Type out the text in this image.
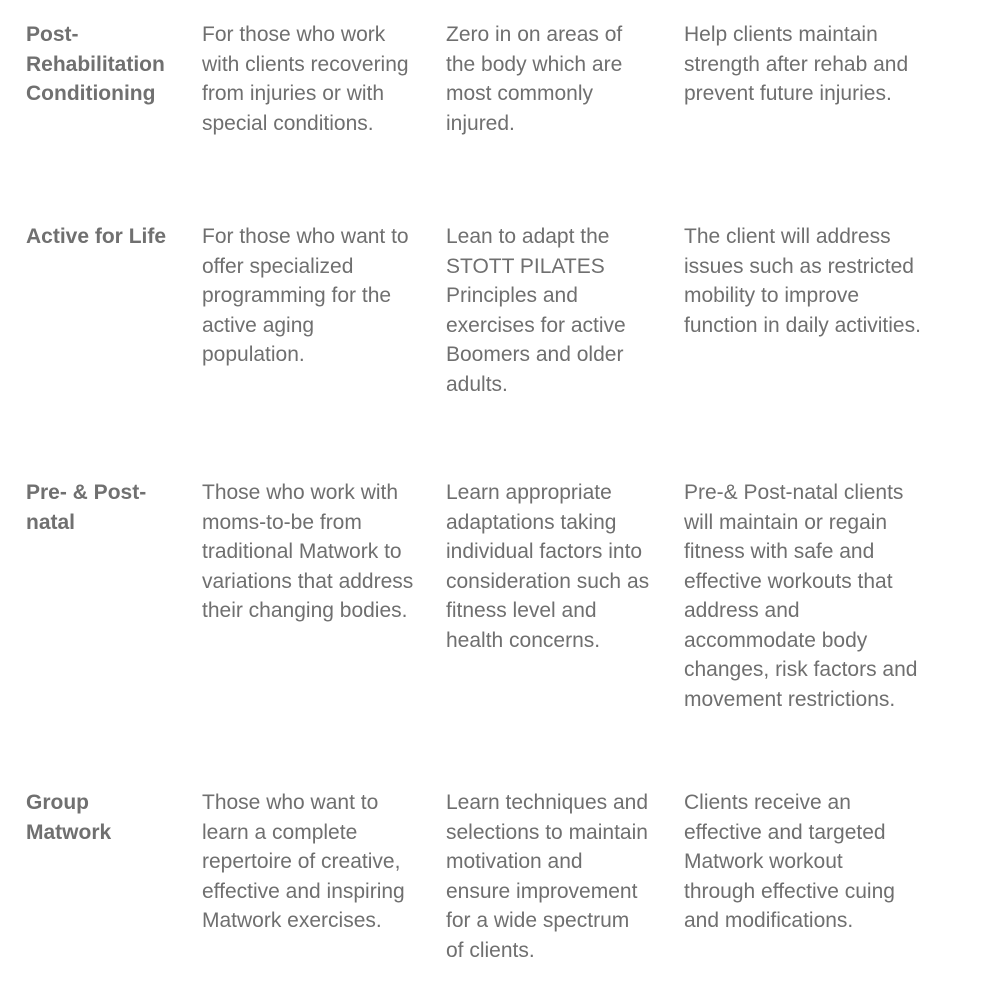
Post-
Rehabilitation
Conditioning

For those who work
with clients recovering
from injuries or with
special conditions.

Zero in on areas of
the body which are
most commonly
injured.

Help clients maintain
strength after rehab and
prevent future injuries.

Active for Life	For those who want to
offer specialized
programming for the
active aging
population.

Lean to adapt the
STOTT PILATES
Principles and
exercises for active
Boomers and older
adults.

The client will address
issues such as restricted
mobility to improve
function in daily activities.

Pre- & Post-
natal

Those who work with
moms-to-be from
traditional Matwork to
variations that address
their changing bodies.

Learn appropriate
adaptations taking
individual factors into
consideration such as
fitness level and
health concerns.

Pre-& Post-natal clients
will maintain or regain
fitness with safe and
effective workouts that
address and
accommodate body
changes, risk factors and
movement restrictions.

Group
Matwork

Those who want to
learn a complete
repertoire of creative,
effective and inspiring
Matwork exercises.

Learn techniques and
selections to maintain
motivation and
ensure improvement
for a wide spectrum
of clients.

Clients receive an
effective and targeted
Matwork workout
through effective cuing
and modifications.
